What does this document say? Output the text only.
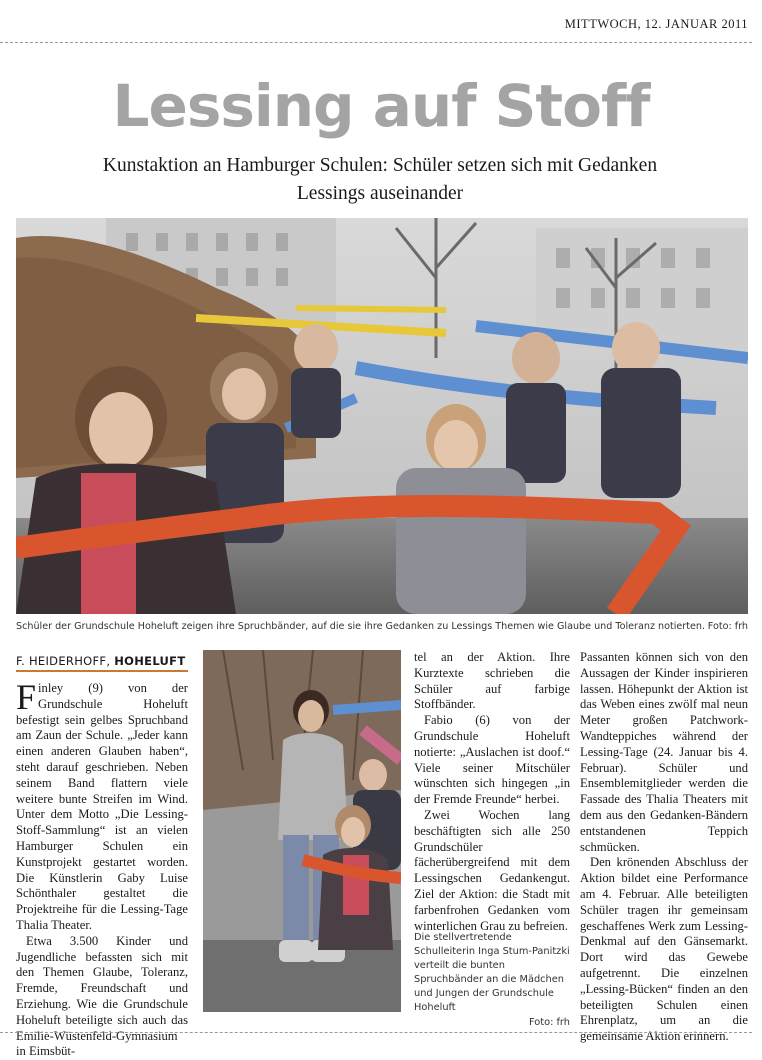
MITTWOCH, 12. JANUAR 2011
Lessing auf Stoff
Kunstaktion an Hamburger Schulen: Schüler setzen sich mit Gedanken Lessings auseinander
Schüler der Grundschule Hoheluft zeigen ihre Spruchbänder, auf die sie ihre Gedanken zu Lessings Themen wie Glaube und Toleranz notierten. Foto: frh
F. HEIDERHOFF, HOHELUFT

Finley (9) von der Grundschule Hoheluft befestigt sein gelbes Spruchband am Zaun der Schule. „Jeder kann einen anderen Glauben haben“, steht darauf geschrieben. Neben seinem Band flattern viele weitere bunte Streifen im Wind. Unter dem Motto „Die Lessing-Stoff-Sammlung“ ist an vielen Hamburger Schulen ein Kunstprojekt gestartet worden. Die Künstlerin Gaby Luise Schönthaler gestaltet die Projektreihe für die Lessing-Tage Thalia Theater.

Etwa 3.500 Kinder und Jugendliche befassten sich mit den Themen Glaube, Toleranz, Fremde, Freundschaft und Erziehung. Wie die Grundschule Hoheluft beteiligte sich auch das Emilie-Wüstenfeld-Gymnasium in Eimsbüt-

tel an der Aktion. Ihre Kurztexte schrieben die Schüler auf farbige Stoffbänder.

Fabio (6) von der Grundschule Hoheluft notierte: „Auslachen ist doof.“ Viele seiner Mitschüler wünschten sich hingegen „in der Fremde Freunde“ herbei.

Zwei Wochen lang beschäftigten sich alle 250 Grundschüler fächerübergreifend mit dem Lessingschen Gedankengut. Ziel der Aktion: die Stadt mit farbenfrohen Gedanken vom winterlichen Grau zu befreien.

Die stellvertretende Schulleiterin Inga Stum-Panitzki verteilt die bunten Spruchbänder an die Mädchen und Jungen der Grundschule Hoheluft
Foto: frh

Passanten können sich von den Aussagen der Kinder inspirieren lassen. Höhepunkt der Aktion ist das Weben eines zwölf mal neun Meter großen Patchwork-Wandteppiches während der Lessing-Tage (24. Januar bis 4. Februar). Schüler und Ensemblemitglieder werden die Fassade des Thalia Theaters mit dem aus den Gedanken-Bändern entstandenen Teppich schmücken.

Den krönenden Abschluss der Aktion bildet eine Performance am 4. Februar. Alle beteiligten Schüler tragen ihr gemeinsam geschaffenes Werk zum Lessing-Denkmal auf den Gänsemarkt. Dort wird das Gewebe aufgetrennt. Die einzelnen „Lessing-Bücken“ finden an den beteiligten Schulen einen Ehrenplatz, um an die gemeinsame Aktion erinnern.
